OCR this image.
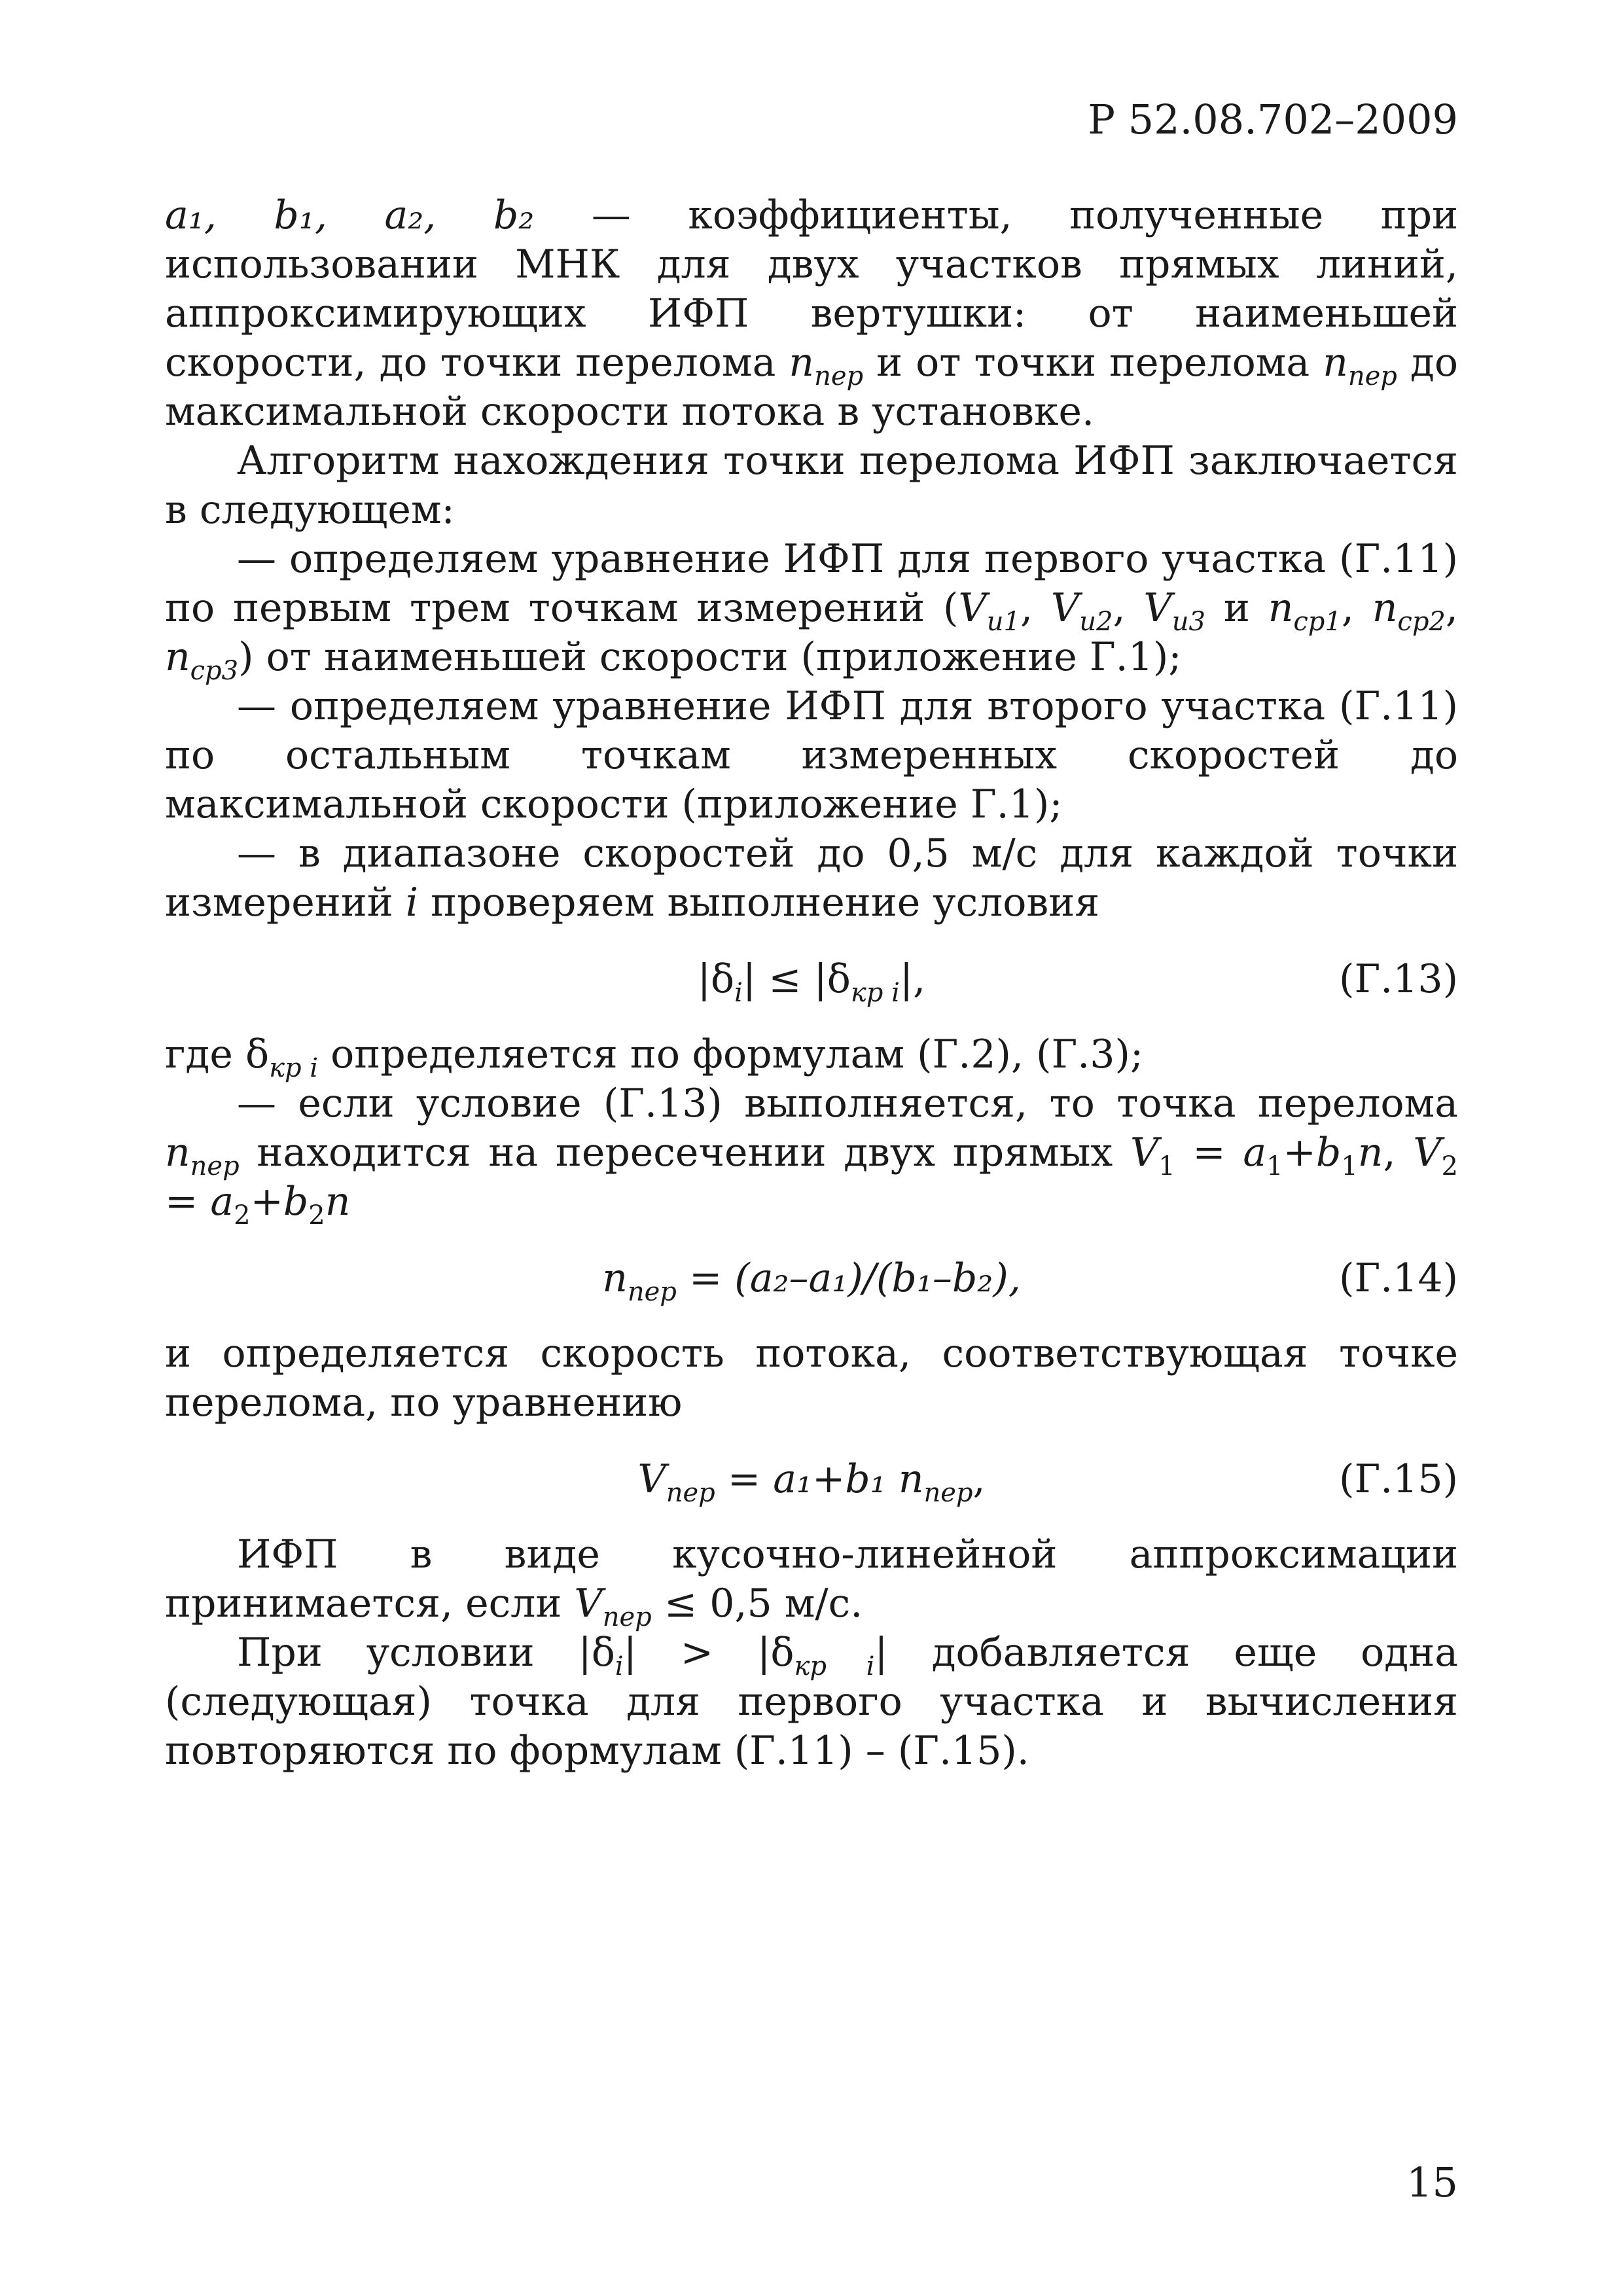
Р 52.08.702–2009

a₁, b₁, a₂, b₂ — коэффициенты, полученные при использовании МНК для двух участков прямых линий, аппроксимирующих ИФП вертушки: от наименьшей скорости, до точки перелома $n_{пер}$ и от точки перелома $n_{пер}$ до максимальной скорости потока в установке.

Алгоритм нахождения точки перелома ИФП заключается в следующем:

— определяем уравнение ИФП для первого участка (Г.11) по первым трем точкам измерений ($V_{и1}$, $V_{и2}$, $V_{и3}$ и $n_{ср1}$, $n_{ср2}$, $n_{ср3}$) от наименьшей скорости (приложение Г.1);

— определяем уравнение ИФП для второго участка (Г.11) по остальным точкам измеренных скоростей до максимальной скорости (приложение Г.1);

— в диапазоне скоростей до 0,5 м/с для каждой точки измерений i проверяем выполнение условия

$|\delta_i| \le |\delta_{кр i}|$,	(Г.13)

где $\delta_{кр i}$ определяется по формулам (Г.2), (Г.3);

— если условие (Г.13) выполняется, то точка перелома $n_{пер}$ находится на пересечении двух прямых $V_1 = a_1+b_1n$, $V_2 = a_2+b_2n$

$n_{пер} = (a_2-a_1)/(b_1-b_2)$,	(Г.14)

и определяется скорость потока, соответствующая точке перелома, по уравнению

$V_{пер} = a_1+b_1$ $n_{пер}$,	(Г.15)

ИФП в виде кусочно-линейной аппроксимации принимается, если $V_{пер} \le 0,5$ м/с.

При условии $|\delta_i| > |\delta_{кр i}|$ добавляется еще одна (следующая) точка для первого участка и вычисления повторяются по формулам (Г.11) – (Г.15).

15
